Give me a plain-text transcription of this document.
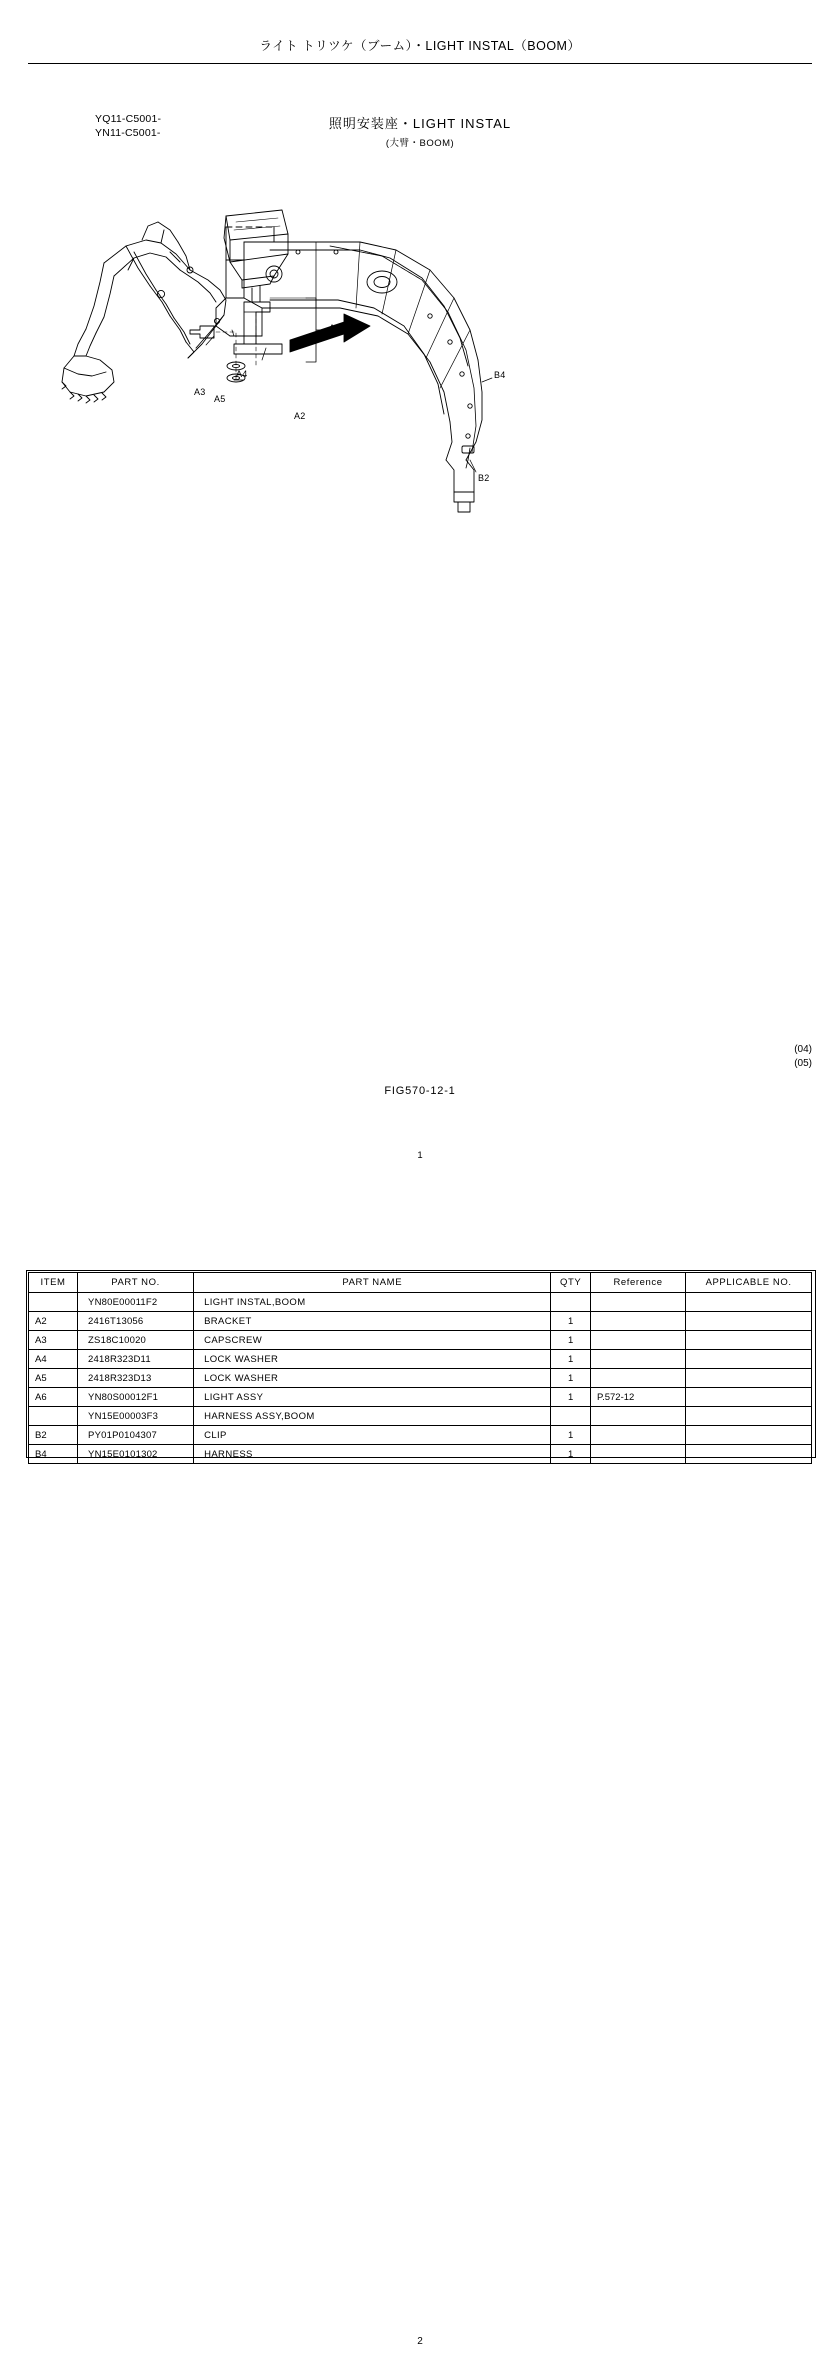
ライト トリツケ（ブーム）・LIGHT INSTAL（BOOM）
YQ11-C5001-
YN11-C5001-
照明安装座・LIGHT INSTAL
(大臂・BOOM)
A2
A3
A4
A5
A6
B4
B2
(04)
(05)
FIG570-12-1
1
ITEM	PART NO.	PART NAME	QTY	Reference	APPLICABLE NO.
	YN80E00011F2	LIGHT INSTAL,BOOM			
A2	2416T13056	BRACKET	1		
A3	ZS18C10020	CAPSCREW	1		
A4	2418R323D11	LOCK WASHER	1		
A5	2418R323D13	LOCK WASHER	1		
A6	YN80S00012F1	LIGHT ASSY	1	P.572-12	
	YN15E00003F3	HARNESS ASSY,BOOM			
B2	PY01P0104307	CLIP	1		
B4	YN15E0101302	HARNESS	1		
2
